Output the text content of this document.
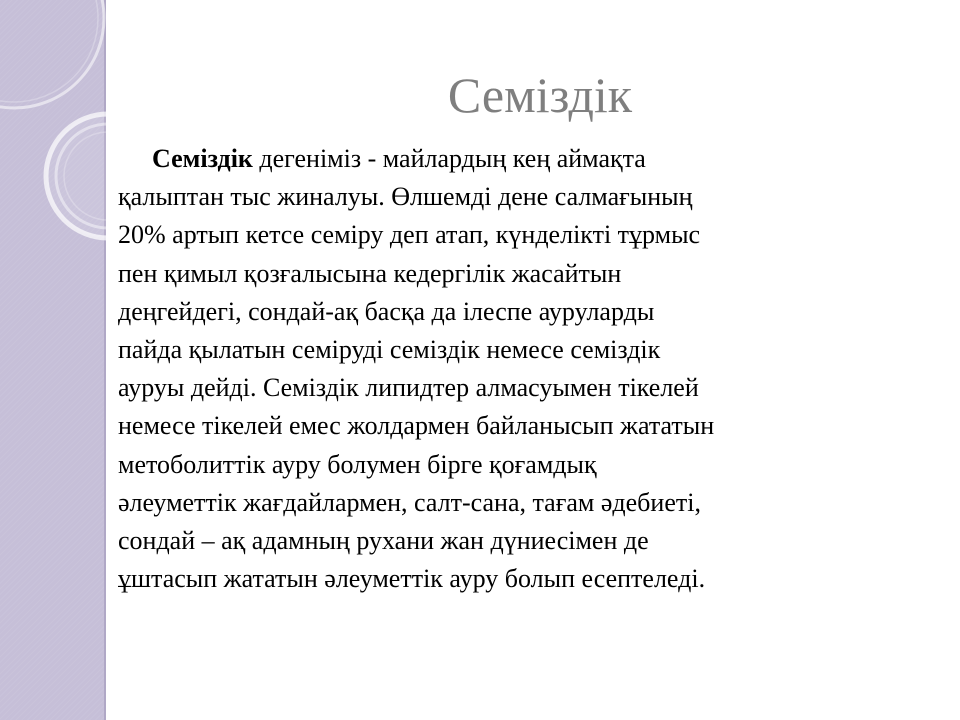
Семіздік
Семіздік дегеніміз - майлардың кең аймақта
қалыптан тыс жиналуы. Өлшемді дене салмағының
20% артып кетсе семіру деп атап, күнделікті тұрмыс
пен қимыл қозғалысына кедергілік жасайтын
деңгейдегі, сондай-ақ басқа да ілеспе ауруларды
пайда қылатын семіруді семіздік немесе семіздік
ауруы дейді. Семіздік липидтер алмасуымен тікелей
немесе тікелей емес жолдармен байланысып жататын
метоболиттік ауру болумен бірге қоғамдық
әлеуметтік жағдайлармен, салт-сана, тағам әдебиеті,
сондай – ақ адамның рухани жан дүниесімен де
ұштасып жататын әлеуметтік ауру болып есептеледі.
